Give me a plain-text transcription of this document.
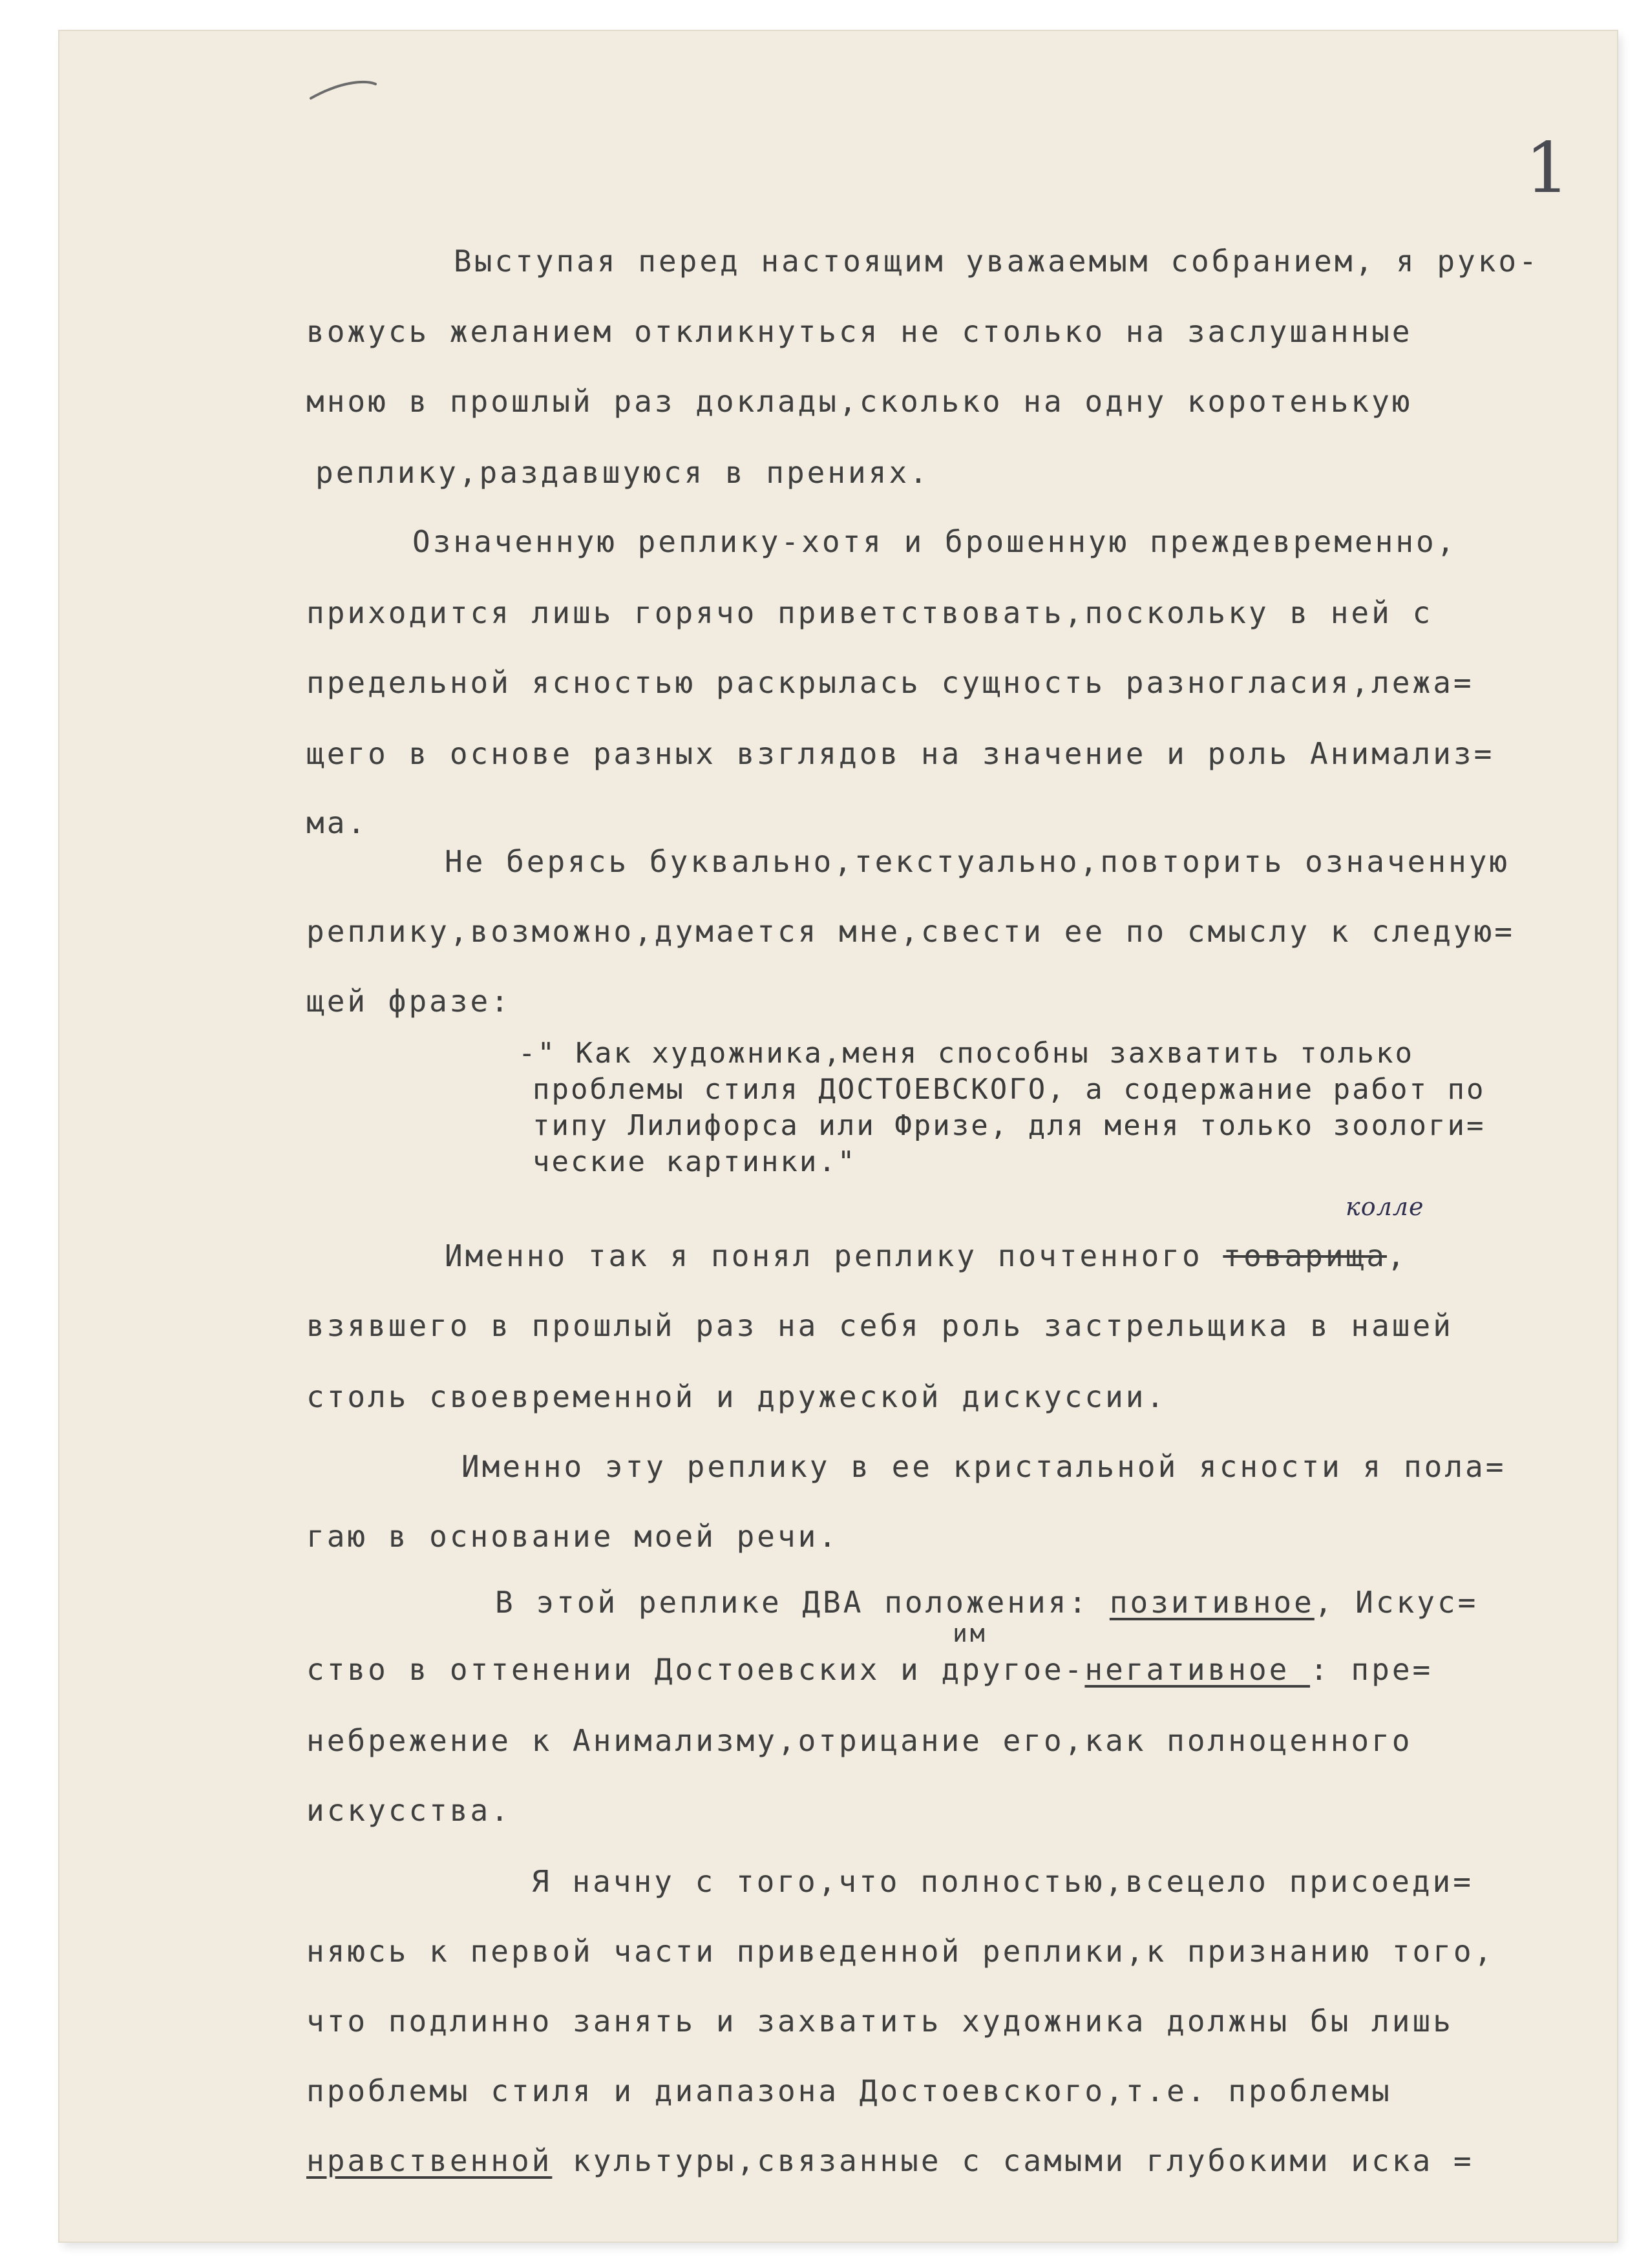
1
Выступая перед настоящим уважаемым собранием, я руко-
вожусь желанием откликнуться не столько на заслушанные
мною в прошлый раз доклады,сколько на одну коротенькую
реплику,раздавшуюся в прениях.
Означенную реплику-хотя и брошенную преждевременно,
приходится лишь горячо приветствовать,поскольку в ней с
предельной ясностью раскрылась сущность разногласия,лежа=
щего в основе разных взглядов на значение и роль Анимализ=
ма.
Не берясь буквально,текстуально,повторить означенную
реплику,возможно,думается мне,свести ее по смыслу к следую=
щей фразе:
-" Как художника,меня способны захватить только
проблемы стиля ДОСТОЕВСКОГО, а содержание работ по
типу Лилифорса или Фризе, для меня только зоологи=
ческие картинки."
колле
Именно так я понял реплику почтенного товарища,
взявшего в прошлый раз на себя роль застрельщика в нашей
столь своевременной и дружеской дискуссии.
Именно эту реплику в ее кристальной ясности я пола=
гаю в основание моей речи.
В этой реплике ДВА положения: позитивное, Искус=
им
ство в оттенении Достоевских и другое-негативное : пре=
небрежение к Анимализму,отрицание его,как полноценного
искусства.
Я начну с того,что полностью,всецело присоеди=
няюсь к первой части приведенной реплики,к признанию того,
что подлинно занять и захватить художника должны бы лишь
проблемы стиля и диапазона Достоевского,т.е. проблемы
нравственной культуры,связанные с самыми глубокими иска =
